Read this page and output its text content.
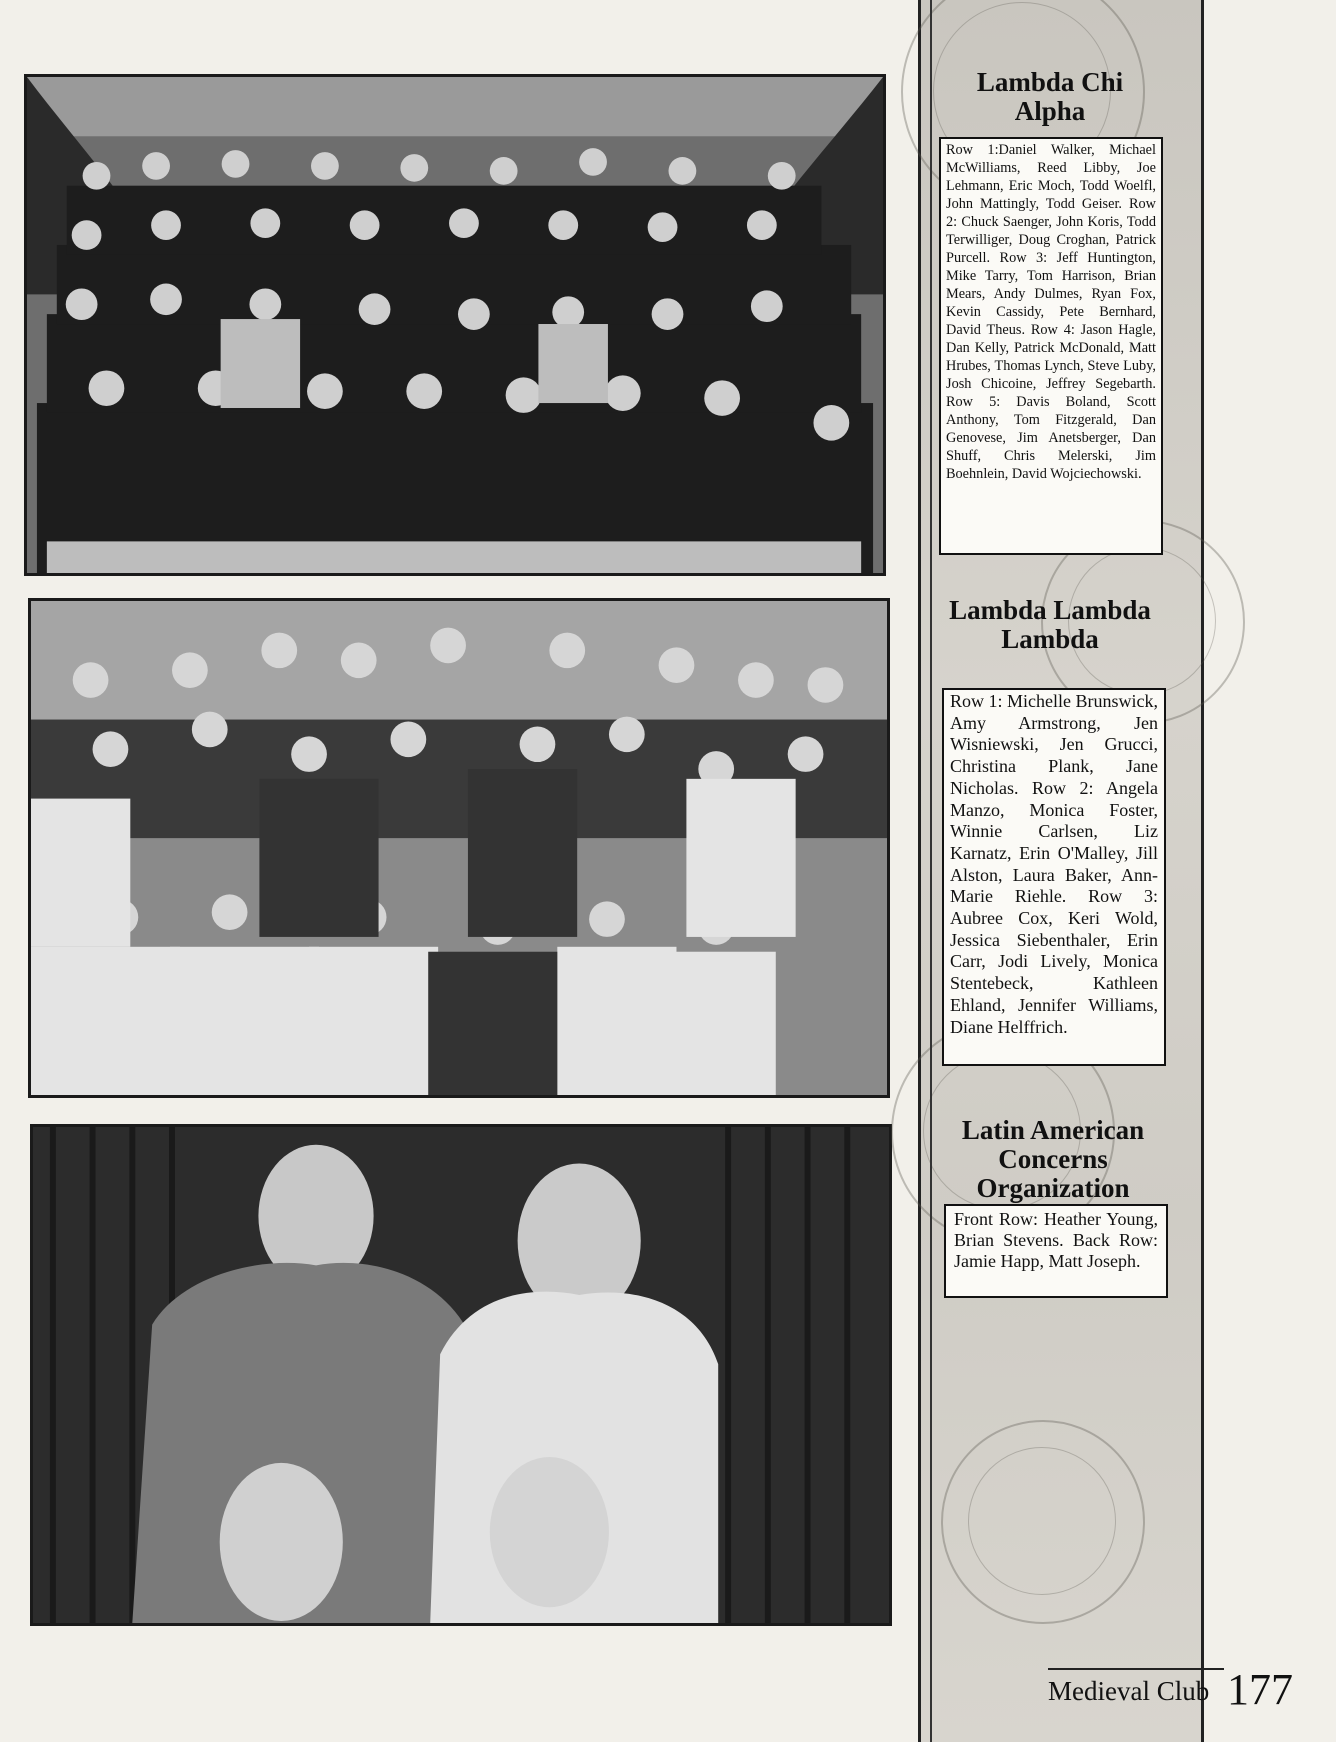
Lambda Chi Alpha
Row 1:Daniel Walker, Michael McWilliams, Reed Libby, Joe Lehmann, Eric Moch, Todd Woelfl, John Mattingly, Todd Geiser. Row 2: Chuck Saenger, John Koris, Todd Terwilliger, Doug Croghan, Patrick Purcell. Row 3: Jeff Huntington, Mike Tarry, Tom Harrison, Brian Mears, Andy Dulmes, Ryan Fox, Kevin Cassidy, Pete Bernhard, David Theus. Row 4: Jason Hagle, Dan Kelly, Patrick McDonald, Matt Hrubes, Thomas Lynch, Steve Luby, Josh Chicoine, Jeffrey Segebarth. Row 5: Davis Boland, Scott Anthony, Tom Fitzgerald, Dan Genovese, Jim Anetsberger, Dan Shuff, Chris Melerski, Jim Boehnlein, David Wojciechowski.
Lambda Lambda Lambda
Row 1: Michelle Brunswick, Amy Armstrong, Jen Wisniewski, Jen Grucci, Christina Plank, Jane Nicholas. Row 2: Angela Manzo, Monica Foster, Winnie Carlsen, Liz Karnatz, Erin O'Malley, Jill Alston, Laura Baker, Ann-Marie Riehle. Row 3: Aubree Cox, Keri Wold, Jessica Siebenthaler, Erin Carr, Jodi Lively, Monica Stentebeck, Kathleen Ehland, Jennifer Williams, Diane Helffrich.
Latin American Concerns Organization
Front Row: Heather Young, Brian Stevens. Back Row: Jamie Happ, Matt Joseph.
Medieval Club 177
